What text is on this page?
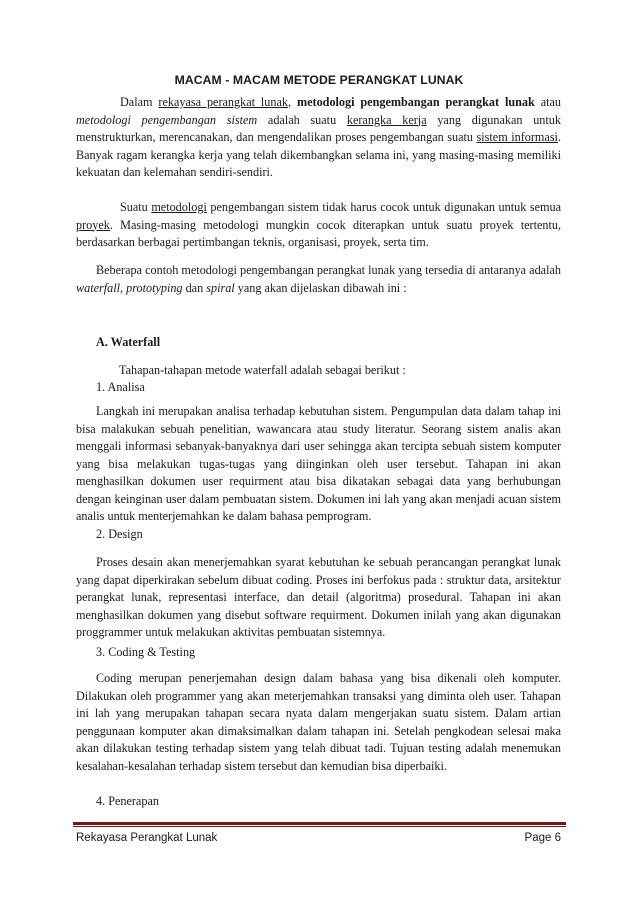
MACAM - MACAM METODE PERANGKAT LUNAK

Dalam rekayasa perangkat lunak, metodologi pengembangan perangkat lunak atau metodologi pengembangan sistem adalah suatu kerangka kerja yang digunakan untuk menstrukturkan, merencanakan, dan mengendalikan proses pengembangan suatu sistem informasi. Banyak ragam kerangka kerja yang telah dikembangkan selama ini, yang masing-masing memiliki kekuatan dan kelemahan sendiri-sendiri.

Suatu metodologi pengembangan sistem tidak harus cocok untuk digunakan untuk semua proyek. Masing-masing metodologi mungkin cocok diterapkan untuk suatu proyek tertentu, berdasarkan berbagai pertimbangan teknis, organisasi, proyek, serta tim.

Beberapa contoh metodologi pengembangan perangkat lunak yang tersedia di antaranya adalah waterfall, prototyping dan spiral yang akan dijelaskan dibawah ini :

A. Waterfall

Tahapan-tahapan metode waterfall adalah sebagai berikut :

1. Analisa

Langkah ini merupakan analisa terhadap kebutuhan sistem. Pengumpulan data dalam tahap ini bisa malakukan sebuah penelitian, wawancara atau study literatur. Seorang sistem analis akan menggali informasi sebanyak-banyaknya dari user sehingga akan tercipta sebuah sistem komputer yang bisa melakukan tugas-tugas yang diinginkan oleh user tersebut. Tahapan ini akan menghasilkan dokumen user requirment atau bisa dikatakan sebagai data yang berhubungan dengan keinginan user dalam pembuatan sistem. Dokumen ini lah yang akan menjadi acuan sistem analis untuk menterjemahkan ke dalam bahasa pemprogram.

2. Design

Proses desain akan menerjemahkan syarat kebutuhan ke sebuah perancangan perangkat lunak yang dapat diperkirakan sebelum dibuat coding. Proses ini berfokus pada : struktur data, arsitektur perangkat lunak, representasi interface, dan detail (algoritma) prosedural. Tahapan ini akan menghasilkan dokumen yang disebut software requirment. Dokumen inilah yang akan digunakan proggrammer untuk melakukan aktivitas pembuatan sistemnya.

3. Coding & Testing

Coding merupan penerjemahan design dalam bahasa yang bisa dikenali oleh komputer. Dilakukan oleh programmer yang akan meterjemahkan transaksi yang diminta oleh user. Tahapan ini lah yang merupakan tahapan secara nyata dalam mengerjakan suatu sistem. Dalam artian penggunaan komputer akan dimaksimalkan dalam tahapan ini. Setelah pengkodean selesai maka akan dilakukan testing terhadap sistem yang telah dibuat tadi. Tujuan testing adalah menemukan kesalahan-kesalahan terhadap sistem tersebut dan kemudian bisa diperbaiki.

4. Penerapan

Rekayasa Perangkat Lunak	Page 6
